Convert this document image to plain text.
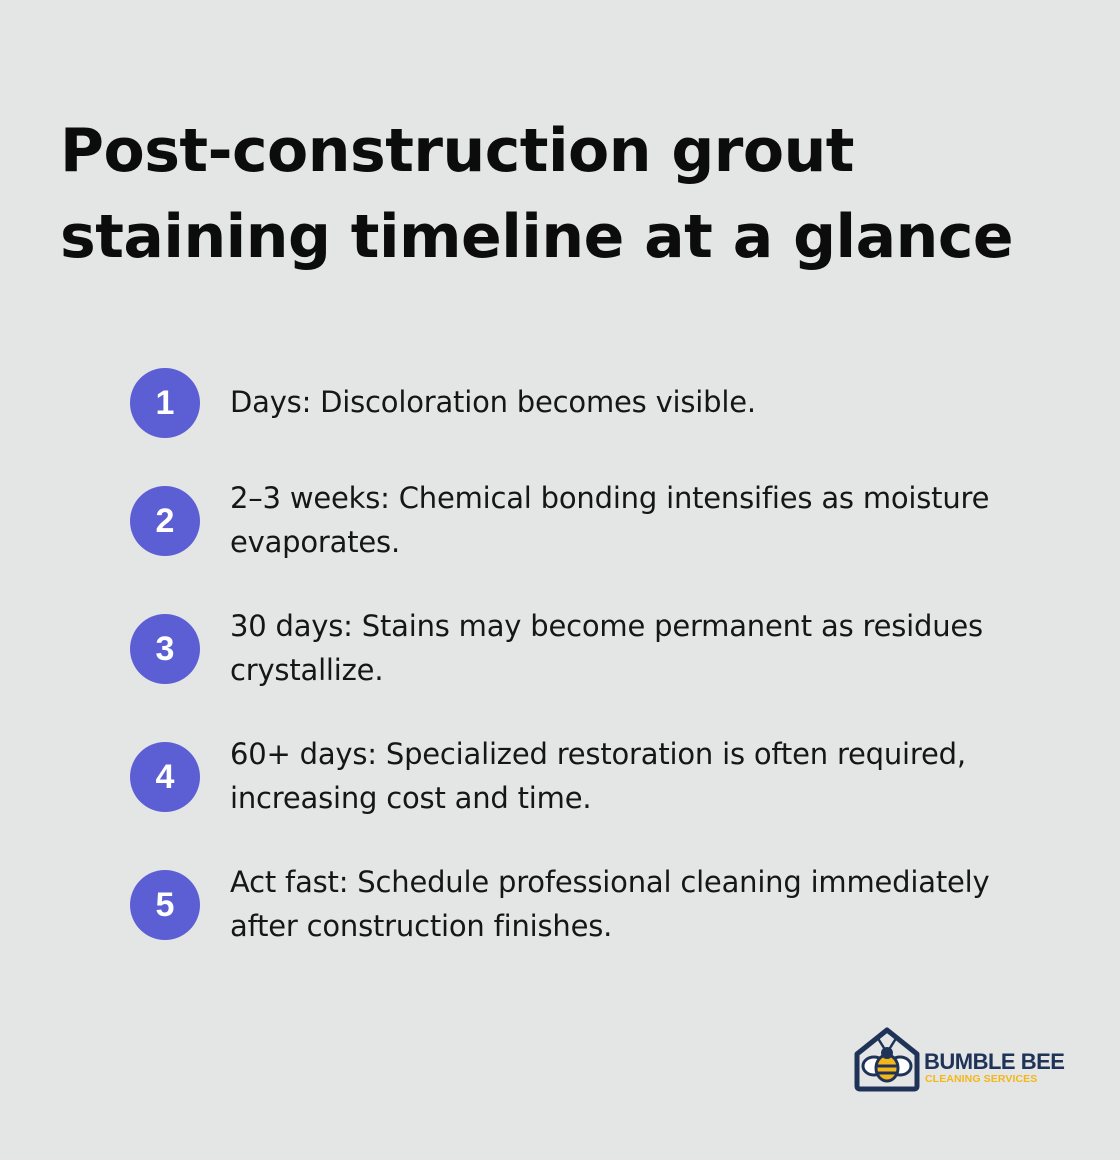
Post-construction grout
staining timeline at a glance
1	Days: Discoloration becomes visible.
2
2–3 weeks: Chemical bonding intensifies as moisture evaporates.
3
30 days: Stains may become permanent as residues crystallize.
4
60+ days: Specialized restoration is often required, increasing cost and time.
5
Act fast: Schedule professional cleaning immediately after construction finishes.
BUMBLE BEE
CLEANING SERVICES
